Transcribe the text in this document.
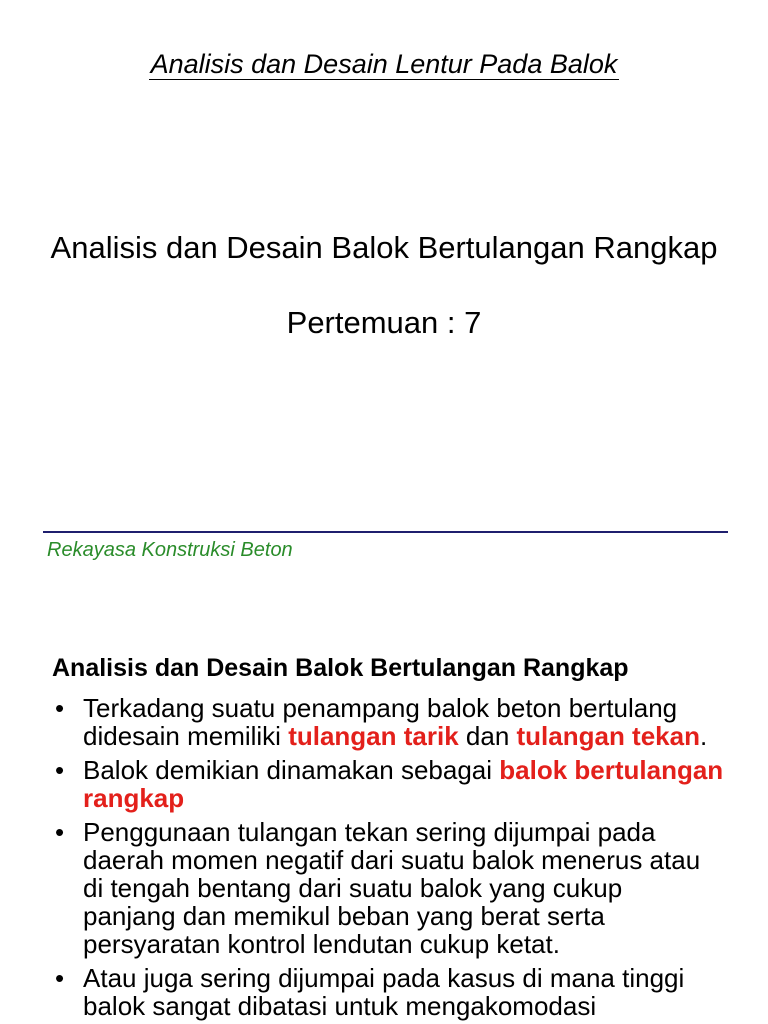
Analisis dan Desain Lentur Pada Balok
Analisis dan Desain Balok Bertulangan Rangkap
Pertemuan : 7
Rekayasa Konstruksi Beton
Analisis dan Desain Balok Bertulangan Rangkap
• Terkadang suatu penampang balok beton bertulang
didesain memiliki tulangan tarik dan tulangan tekan.
• Balok demikian dinamakan sebagai balok bertulangan
rangkap
• Penggunaan tulangan tekan sering dijumpai pada
daerah momen negatif dari suatu balok menerus atau
di tengah bentang dari suatu balok yang cukup
panjang dan memikul beban yang berat serta
persyaratan kontrol lendutan cukup ketat.
• Atau juga sering dijumpai pada kasus di mana tinggi
balok sangat dibatasi untuk mengakomodasi
